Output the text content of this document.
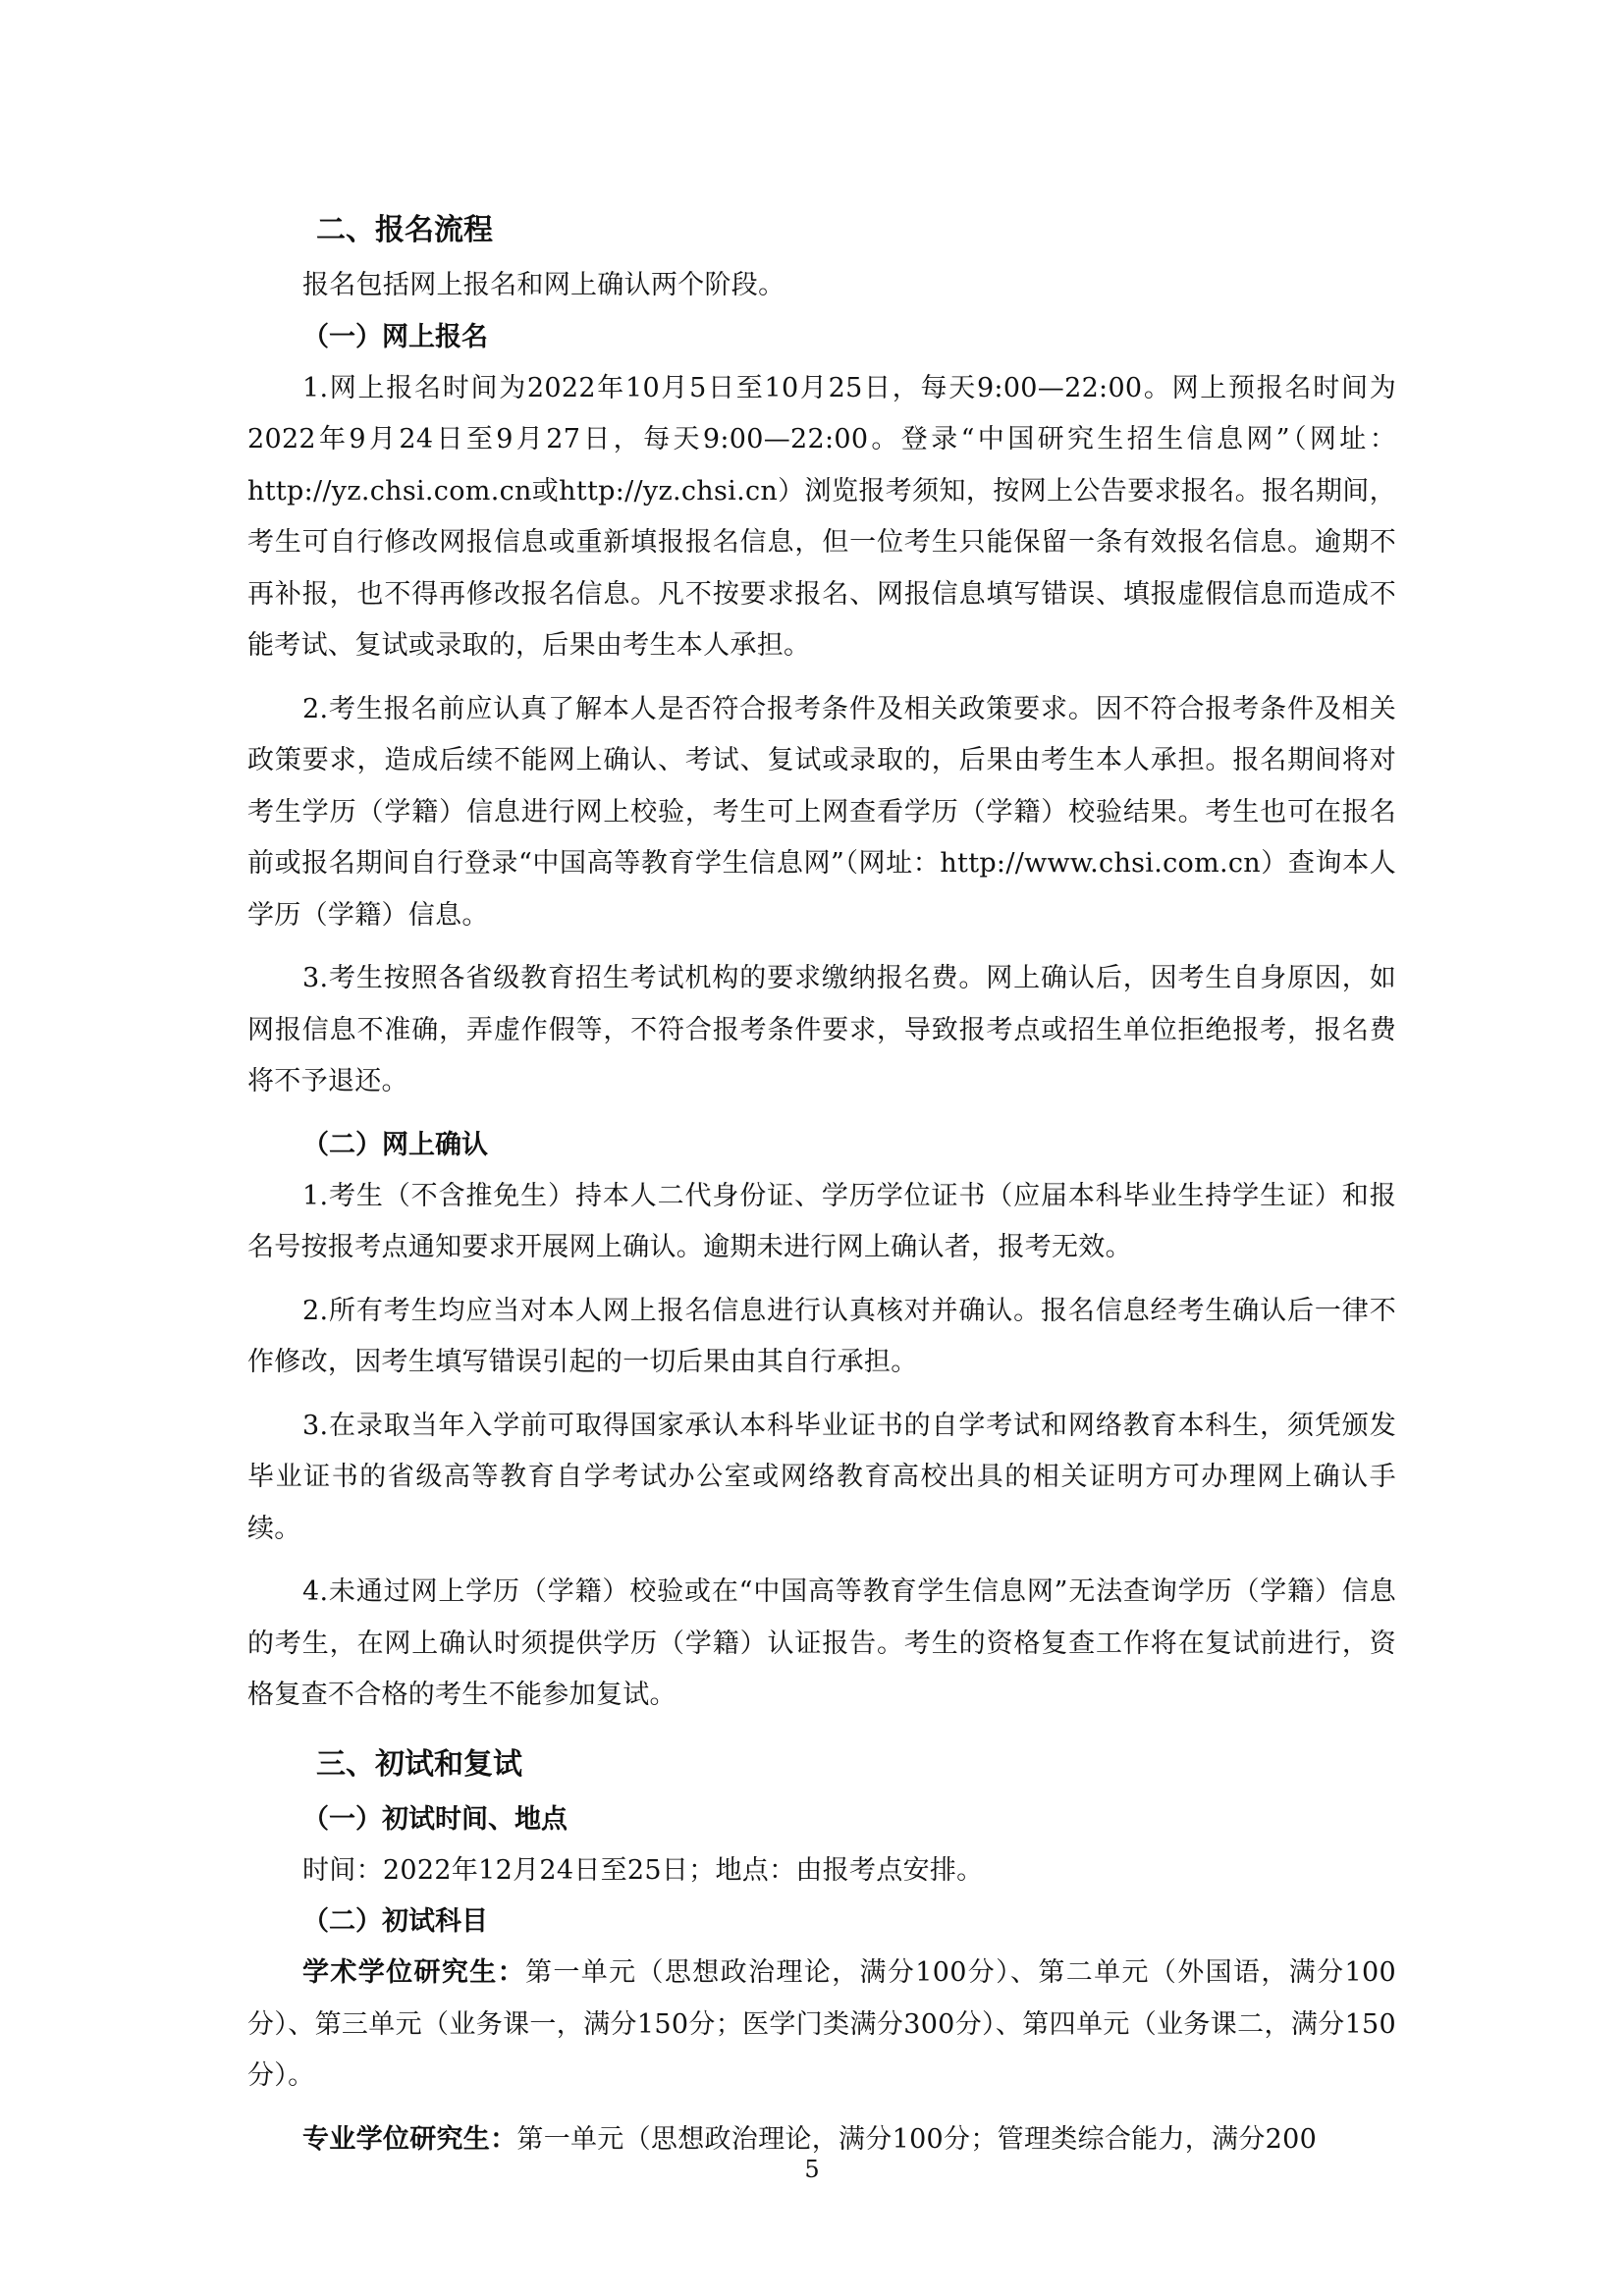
二、报名流程

报名包括网上报名和网上确认两个阶段。

（一）网上报名

1.网上报名时间为2022年10月5日至10月25日，每天9:00—22:00。网上预报名时间为2022年9月24日至9月27日，每天9:00—22:00。登录“中国研究生招生信息网”（网址：http://yz.chsi.com.cn或http://yz.chsi.cn）浏览报考须知，按网上公告要求报名。报名期间，考生可自行修改网报信息或重新填报报名信息，但一位考生只能保留一条有效报名信息。逾期不再补报，也不得再修改报名信息。凡不按要求报名、网报信息填写错误、填报虚假信息而造成不能考试、复试或录取的，后果由考生本人承担。

2.考生报名前应认真了解本人是否符合报考条件及相关政策要求。因不符合报考条件及相关政策要求，造成后续不能网上确认、考试、复试或录取的，后果由考生本人承担。报名期间将对考生学历（学籍）信息进行网上校验，考生可上网查看学历（学籍）校验结果。考生也可在报名前或报名期间自行登录“中国高等教育学生信息网”（网址：http://www.chsi.com.cn）查询本人学历（学籍）信息。

3.考生按照各省级教育招生考试机构的要求缴纳报名费。网上确认后，因考生自身原因，如网报信息不准确，弄虚作假等，不符合报考条件要求，导致报考点或招生单位拒绝报考，报名费将不予退还。

（二）网上确认

1.考生（不含推免生）持本人二代身份证、学历学位证书（应届本科毕业生持学生证）和报名号按报考点通知要求开展网上确认。逾期未进行网上确认者，报考无效。

2.所有考生均应当对本人网上报名信息进行认真核对并确认。报名信息经考生确认后一律不作修改，因考生填写错误引起的一切后果由其自行承担。

3.在录取当年入学前可取得国家承认本科毕业证书的自学考试和网络教育本科生，须凭颁发毕业证书的省级高等教育自学考试办公室或网络教育高校出具的相关证明方可办理网上确认手续。

4.未通过网上学历（学籍）校验或在“中国高等教育学生信息网”无法查询学历（学籍）信息的考生，在网上确认时须提供学历（学籍）认证报告。考生的资格复查工作将在复试前进行，资格复查不合格的考生不能参加复试。

三、初试和复试
（一）初试时间、地点

时间：2022年12月24日至25日；地点：由报考点安排。

（二）初试科目

学术学位研究生：第一单元（思想政治理论，满分100分）、第二单元（外国语，满分100分）、第三单元（业务课一，满分150分；医学门类满分300分）、第四单元（业务课二，满分150分）。

专业学位研究生：第一单元（思想政治理论，满分100分；管理类综合能力，满分200

5
